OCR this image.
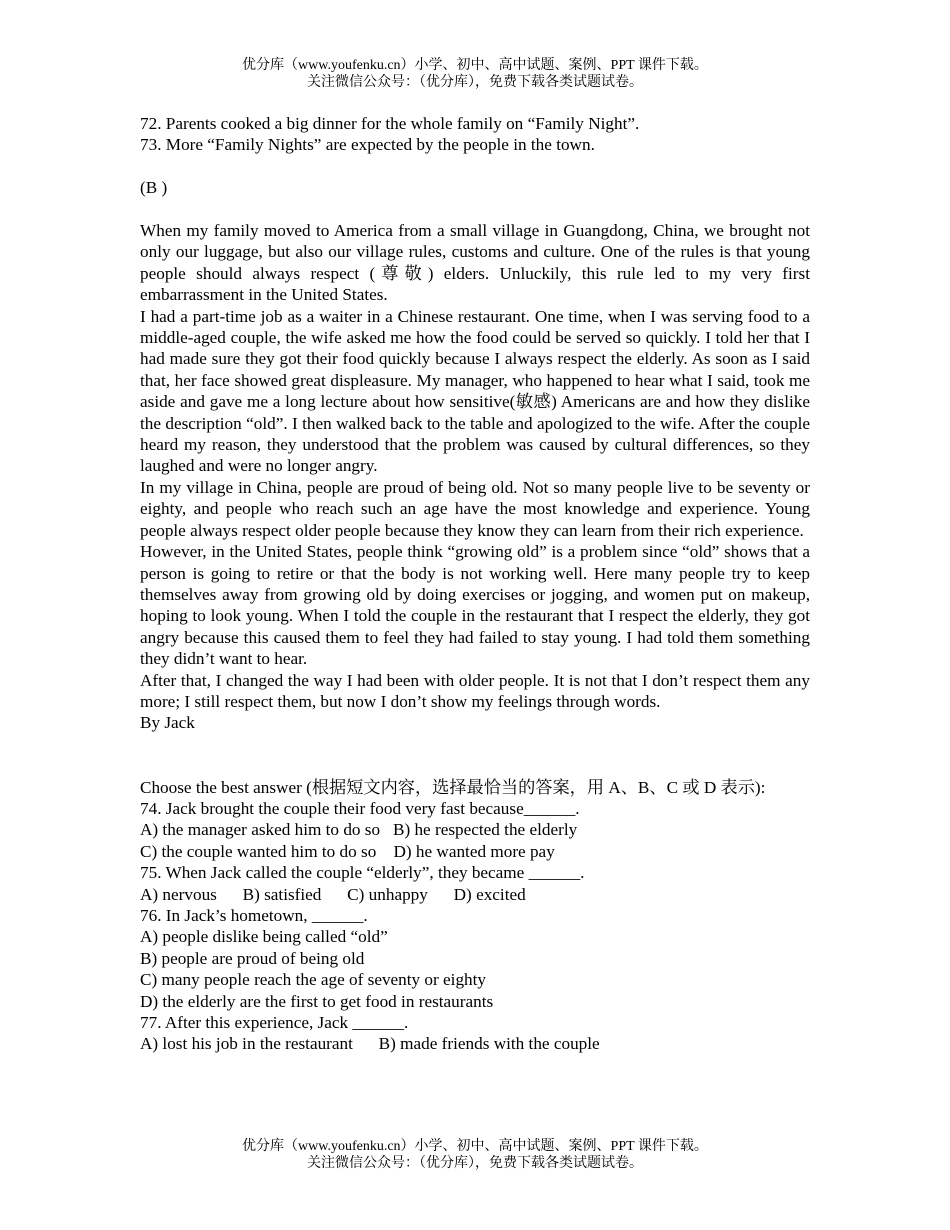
优分库（www.youfenku.cn）小学、初中、高中试题、案例、PPT 课件下载。
关注微信公众号：（优分库），免费下载各类试题试卷。
72. Parents cooked a big dinner for the whole family on “Family Night”.
73. More “Family Nights” are expected by the people in the town.
(B )

When my family moved to America from a small village in Guangdong, China, we brought not only our luggage, but also our village rules, customs and culture. One of the rules is that young people should always respect (尊敬) elders. Unluckily, this rule led to my very first embarrassment in the United States.

I had a part-time job as a waiter in a Chinese restaurant. One time, when I was serving food to a middle-aged couple, the wife asked me how the food could be served so quickly. I told her that I had made sure they got their food quickly because I always respect the elderly. As soon as I said that, her face showed great displeasure. My manager, who happened to hear what I said, took me aside and gave me a long lecture about how sensitive(敏感) Americans are and how they dislike the description “old”. I then walked back to the table and apologized to the wife. After the couple heard my reason, they understood that the problem was caused by cultural differences, so they laughed and were no longer angry.

In my village in China, people are proud of being old. Not so many people live to be seventy or eighty, and people who reach such an age have the most knowledge and experience. Young people always respect older people because they know they can learn from their rich experience.

However, in the United States, people think “growing old” is a problem since “old” shows that a person is going to retire or that the body is not working well. Here many people try to keep themselves away from growing old by doing exercises or jogging, and women put on makeup, hoping to look young. When I told the couple in the restaurant that I respect the elderly, they got angry because this caused them to feel they had failed to stay young. I had told them something they didn’t want to hear.

After that, I changed the way I had been with older people. It is not that I don’t respect them any more; I still respect them, but now I don’t show my feelings through words.

By Jack
Choose the best answer (根据短文内容，选择最恰当的答案，用 A、B、C 或 D 表示):
74. Jack brought the couple their food very fast because______.
A) the manager asked him to do so   B) he respected the elderly
C) the couple wanted him to do so    D) he wanted more pay
75. When Jack called the couple “elderly”, they became ______.
A) nervous      B) satisfied      C) unhappy      D) excited
76. In Jack’s hometown, ______.
A) people dislike being called “old”
B) people are proud of being old
C) many people reach the age of seventy or eighty
D) the elderly are the first to get food in restaurants
77. After this experience, Jack ______.
A) lost his job in the restaurant      B) made friends with the couple
优分库（www.youfenku.cn）小学、初中、高中试题、案例、PPT 课件下载。
关注微信公众号：（优分库），免费下载各类试题试卷。
